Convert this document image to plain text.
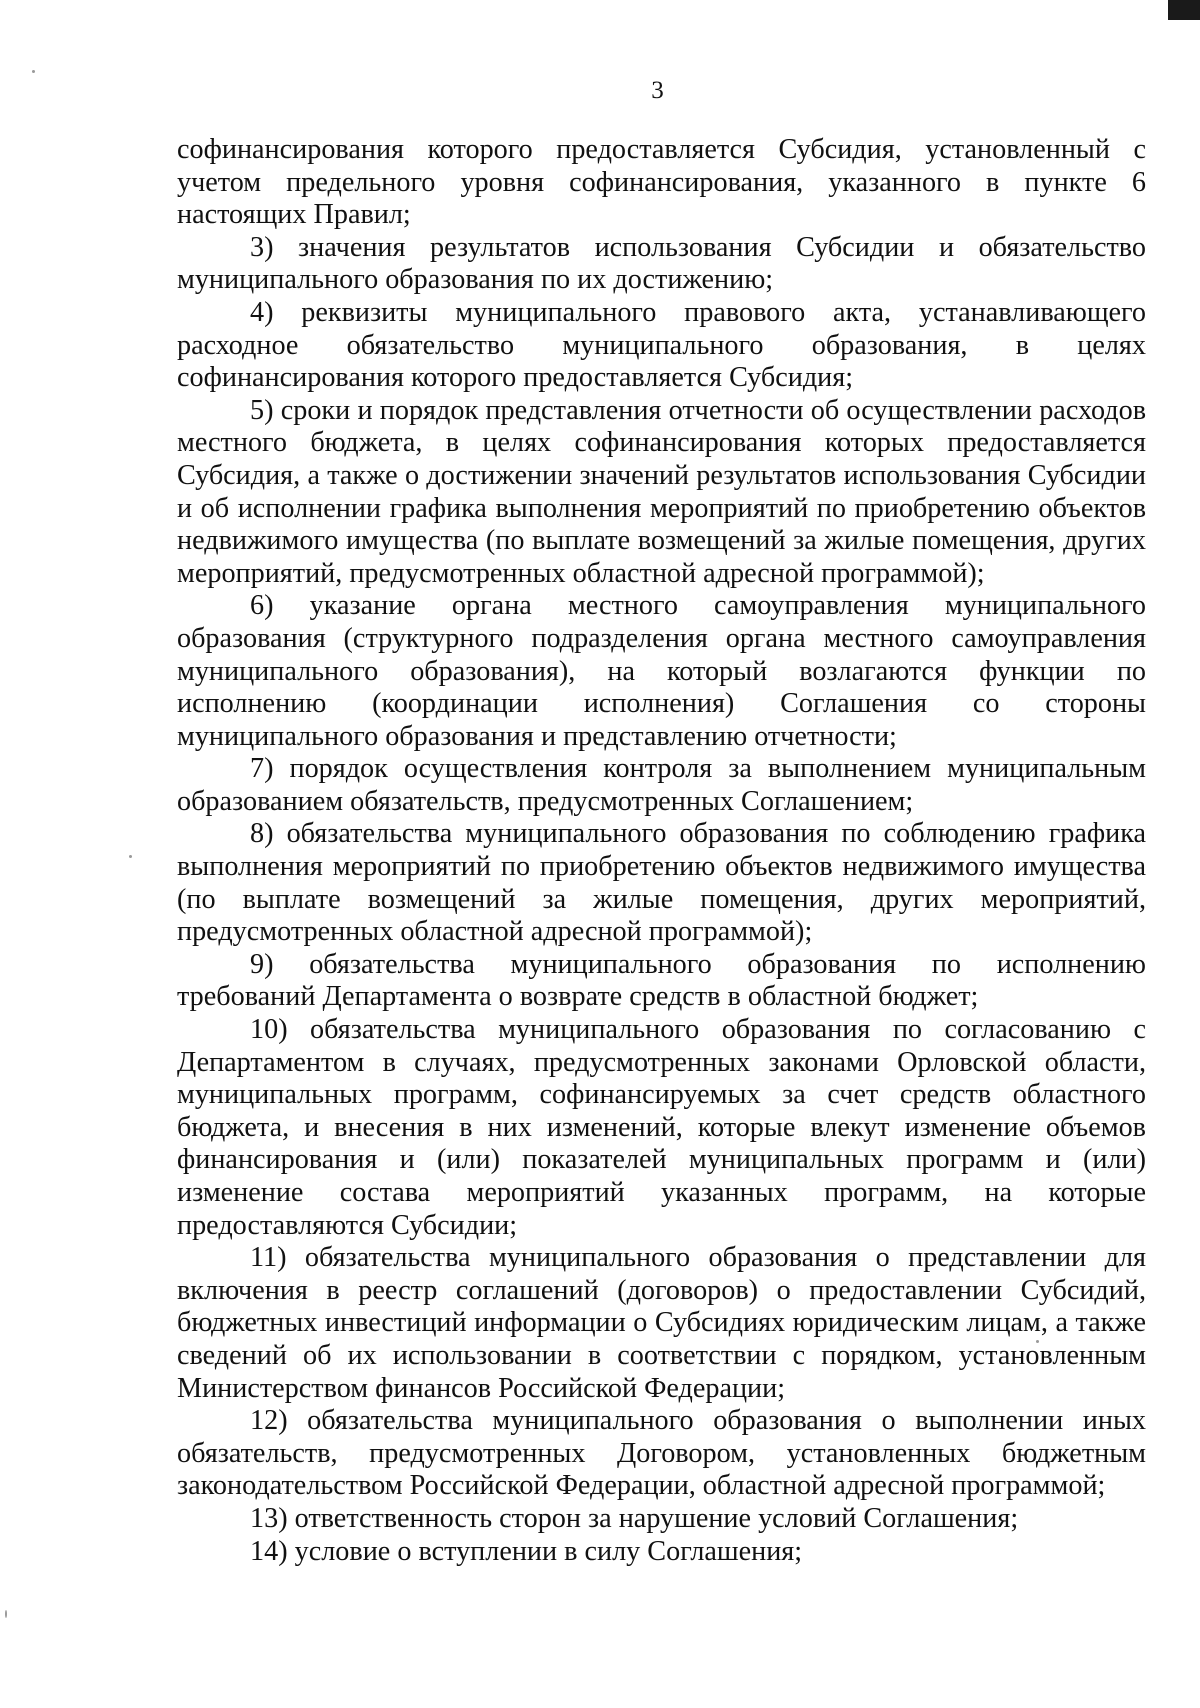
3

софинансирования которого предоставляется Субсидия, установленный с учетом предельного уровня софинансирования, указанного в пункте 6 настоящих Правил;

3) значения результатов использования Субсидии и обязательство муниципального образования по их достижению;

4) реквизиты муниципального правового акта, устанавливающего расходное обязательство муниципального образования, в целях софинансирования которого предоставляется Субсидия;

5) сроки и порядок представления отчетности об осуществлении расходов местного бюджета, в целях софинансирования которых предоставляется Субсидия, а также о достижении значений результатов использования Субсидии и об исполнении графика выполнения мероприятий по приобретению объектов недвижимого имущества (по выплате возмещений за жилые помещения, других мероприятий, предусмотренных областной адресной программой);

6) указание органа местного самоуправления муниципального образования (структурного подразделения органа местного самоуправления муниципального образования), на который возлагаются функции по исполнению (координации исполнения) Соглашения со стороны муниципального образования и представлению отчетности;

7) порядок осуществления контроля за выполнением муниципальным образованием обязательств, предусмотренных Соглашением;

8) обязательства муниципального образования по соблюдению графика выполнения мероприятий по приобретению объектов недвижимого имущества (по выплате возмещений за жилые помещения, других мероприятий, предусмотренных областной адресной программой);

9) обязательства муниципального образования по исполнению требований Департамента о возврате средств в областной бюджет;

10) обязательства муниципального образования по согласованию с Департаментом в случаях, предусмотренных законами Орловской области, муниципальных программ, софинансируемых за счет средств областного бюджета, и внесения в них изменений, которые влекут изменение объемов финансирования и (или) показателей муниципальных программ и (или) изменение состава мероприятий указанных программ, на которые предоставляются Субсидии;

11) обязательства муниципального образования о представлении для включения в реестр соглашений (договоров) о предоставлении Субсидий, бюджетных инвестиций информации о Субсидиях юридическим лицам, а также сведений об их использовании в соответствии с порядком, установленным Министерством финансов Российской Федерации;

12) обязательства муниципального образования о выполнении иных обязательств, предусмотренных Договором, установленных бюджетным законодательством Российской Федерации, областной адресной программой;

13) ответственность сторон за нарушение условий Соглашения;

14) условие о вступлении в силу Соглашения;
